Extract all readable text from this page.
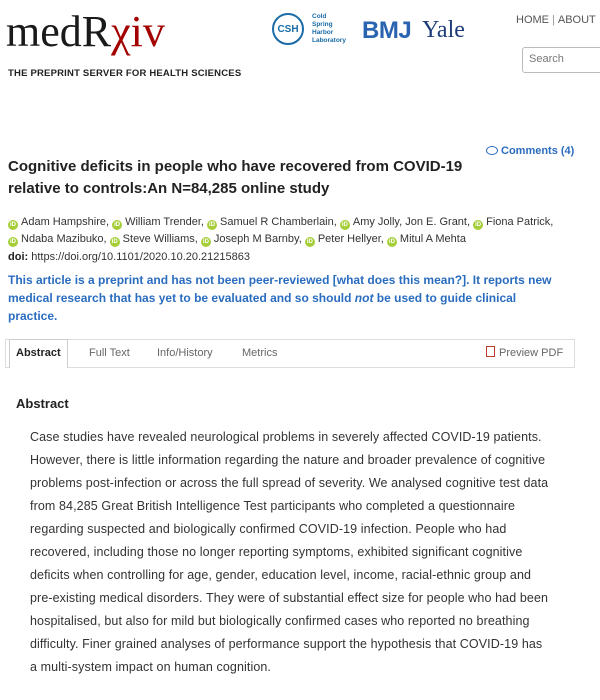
medRχiv
THE PREPRINT SERVER FOR HEALTH SCIENCES
CSH
Cold
Spring
Harbor
Laboratory BMJ Yale	HOME | ABOUT
Search
Comments (4)
Cognitive deficits in people who have recovered from COVID-19
relative to controls:An N=84,285 online study
iD Adam Hampshire, iD William Trender, iD Samuel R Chamberlain, iD Amy Jolly, Jon E. Grant, iD Fiona Patrick, iD Ndaba Mazibuko, iD Steve Williams, iD Joseph M Barnby, iD Peter Hellyer, iD Mitul A Mehta
doi: https://doi.org/10.1101/2020.10.20.21215863
This article is a preprint and has not been peer-reviewed [what does this mean?]. It reports new medical research that has yet to be evaluated and so should not be used to guide clinical practice.
Abstract	Full Text Info/History	Metrics	Preview PDF
Abstract
Case studies have revealed neurological problems in severely affected COVID-19 patients. However, there is little information regarding the nature and broader prevalence of cognitive problems post-infection or across the full spread of severity. We analysed cognitive test data from 84,285 Great British Intelligence Test participants who completed a questionnaire regarding suspected and biologically confirmed COVID-19 infection. People who had recovered, including those no longer reporting symptoms, exhibited significant cognitive deficits when controlling for age, gender, education level, income, racial-ethnic group and pre-existing medical disorders. They were of substantial effect size for people who had been hospitalised, but also for mild but biologically confirmed cases who reported no breathing difficulty. Finer grained analyses of performance support the hypothesis that COVID-19 has a multi-system impact on human cognition.
